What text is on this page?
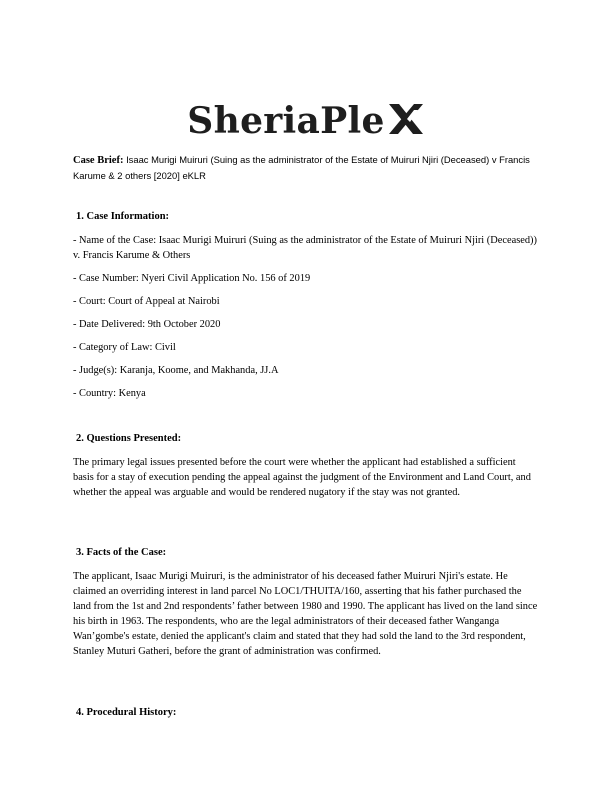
SheriaPle
Case Brief: Isaac Murigi Muiruri (Suing as the administrator of the Estate of Muiruri Njiri (Deceased) v Francis Karume & 2 others [2020] eKLR
1. Case Information:
- Name of the Case: Isaac Murigi Muiruri (Suing as the administrator of the Estate of Muiruri Njiri (Deceased)) v. Francis Karume & Others
- Case Number: Nyeri Civil Application No. 156 of 2019
- Court: Court of Appeal at Nairobi
- Date Delivered: 9th October 2020
- Category of Law: Civil
- Judge(s): Karanja, Koome, and Makhanda, JJ.A
- Country: Kenya
2. Questions Presented:
The primary legal issues presented before the court were whether the applicant had established a sufficient basis for a stay of execution pending the appeal against the judgment of the Environment and Land Court, and whether the appeal was arguable and would be rendered nugatory if the stay was not granted.
3. Facts of the Case:
The applicant, Isaac Murigi Muiruri, is the administrator of his deceased father Muiruri Njiri's estate. He claimed an overriding interest in land parcel No LOC1/THUITA/160, asserting that his father purchased the land from the 1st and 2nd respondents’ father between 1980 and 1990. The applicant has lived on the land since his birth in 1963. The respondents, who are the legal administrators of their deceased father Wanganga Wan’gombe's estate, denied the applicant's claim and stated that they had sold the land to the 3rd respondent, Stanley Muturi Gatheri, before the grant of administration was confirmed.
4. Procedural History:
